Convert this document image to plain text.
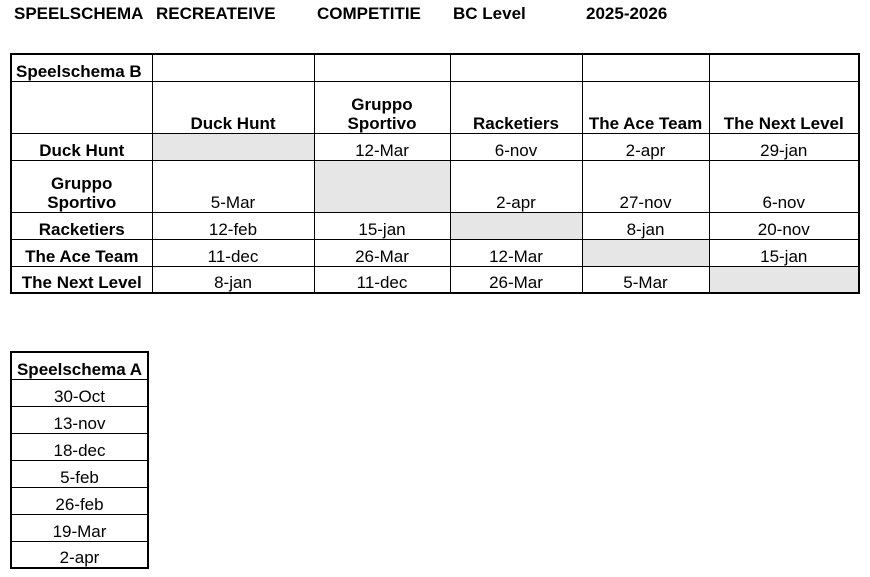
SPEELSCHEMA RECREATEIVE COMPETITIE BC Level	2025-2026
Speelschema B					
	Duck Hunt	Gruppo Sportivo	Racketiers	The Ace Team	The Next Level
Duck Hunt		12-Mar	6-nov	2-apr	29-jan
Gruppo Sportivo	5-Mar		2-apr	27-nov	6-nov
Racketiers	12-feb	15-jan		8-jan	20-nov
The Ace Team	11-dec	26-Mar	12-Mar		15-jan
The Next Level	8-jan	11-dec	26-Mar	5-Mar	
Speelschema A
30-Oct
13-nov
18-dec
5-feb
26-feb
19-Mar
2-apr
